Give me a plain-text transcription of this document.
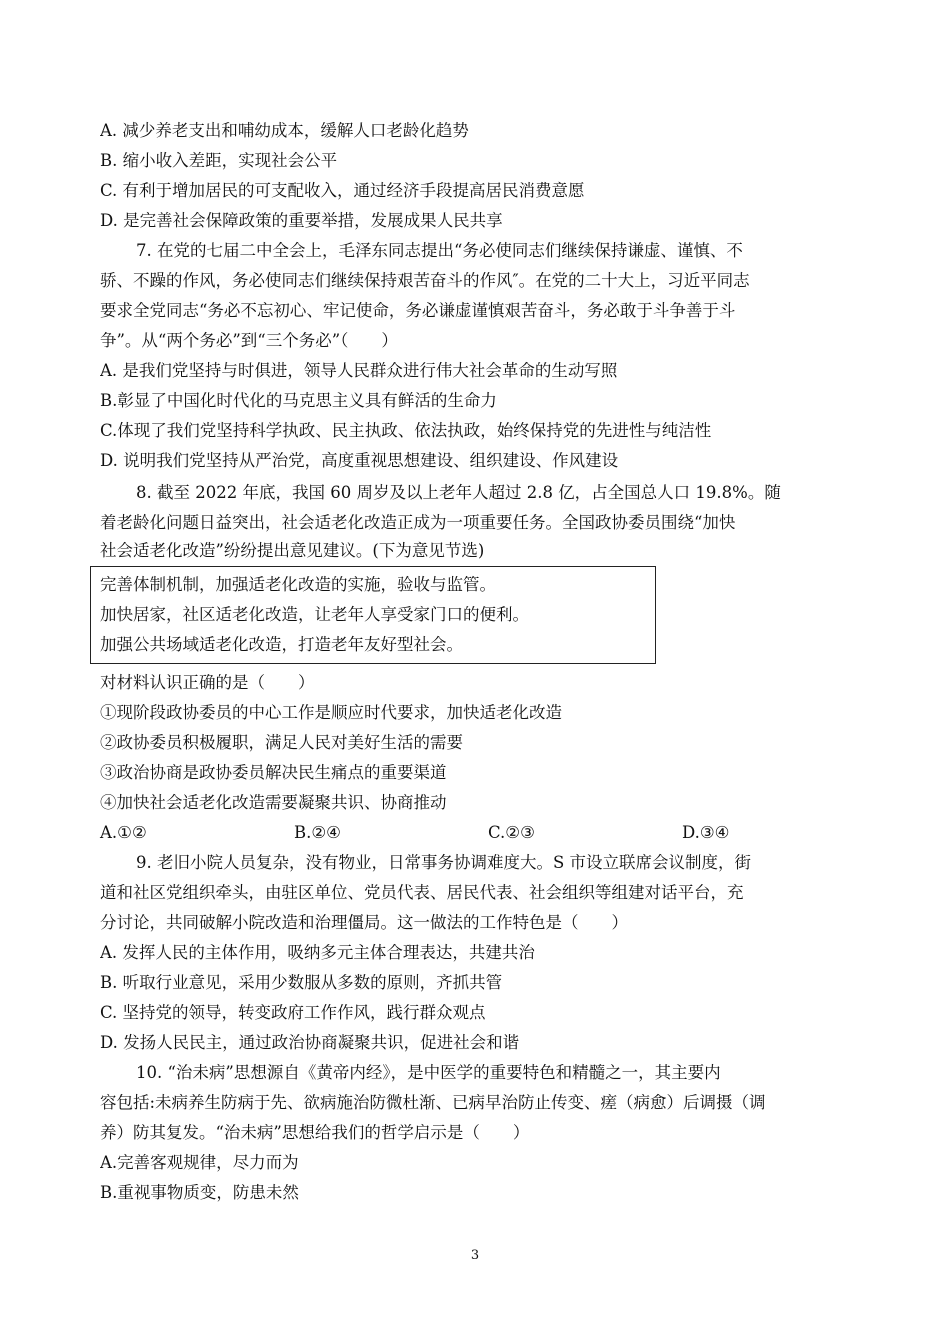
A. 减少养老支出和哺幼成本，缓解人口老龄化趋势
B. 缩小收入差距，实现社会公平
C. 有利于增加居民的可支配收入，通过经济手段提高居民消费意愿
D. 是完善社会保障政策的重要举措，发展成果人民共享
7. 在党的七届二中全会上，毛泽东同志提出“务必使同志们继续保持谦虚、谨慎、不
骄、不躁的作风，务必使同志们继续保持艰苦奋斗的作风″。在党的二十大上，习近平同志
要求全党同志“务必不忘初心、牢记使命，务必谦虚谨慎艰苦奋斗，务必敢于斗争善于斗
争”。从“两个务必”到“三个务必”（　　）
A. 是我们党坚持与时俱进，领导人民群众进行伟大社会革命的生动写照
B.彰显了中国化时代化的马克思主义具有鲜活的生命力
C.体现了我们党坚持科学执政、民主执政、依法执政，始终保持党的先进性与纯洁性
D. 说明我们党坚持从严治党，高度重视思想建设、组织建设、作风建设
8. 截至 2022 年底，我国 60 周岁及以上老年人超过 2.8 亿，占全国总人口 19.8%。随
着老龄化问题日益突出，社会适老化改造正成为一项重要任务。全国政协委员围绕“加快
社会适老化改造”纷纷提出意见建议。(下为意见节选)
完善体制机制，加强适老化改造的实施，验收与监管。
加快居家，社区适老化改造，让老年人享受家门口的便利。
加强公共场域适老化改造，打造老年友好型社会。
对材料认识正确的是（　　）
①现阶段政协委员的中心工作是顺应时代要求，加快适老化改造
②政协委员积极履职，满足人民对美好生活的需要
③政治协商是政协委员解决民生痛点的重要渠道
④加快社会适老化改造需要凝聚共识、协商推动
A.①②	B.②④	C.②③	D.③④
9. 老旧小院人员复杂，没有物业，日常事务协调难度大。S 市设立联席会议制度，街
道和社区党组织牵头，由驻区单位、党员代表、居民代表、社会组织等组建对话平台，充
分讨论，共同破解小院改造和治理僵局。这一做法的工作特色是（　　）
A. 发挥人民的主体作用，吸纳多元主体合理表达，共建共治
B. 听取行业意见，采用少数服从多数的原则，齐抓共管
C. 坚持党的领导，转变政府工作作风，践行群众观点
D. 发扬人民民主，通过政治协商凝聚共识，促进社会和谐
10. “治未病”思想源自《黄帝内经》，是中医学的重要特色和精髓之一，其主要内
容包括:未病养生防病于先、欲病施治防微杜渐、已病早治防止传变、瘥（病愈）后调摄（调
养）防其复发。“治未病”思想给我们的哲学启示是（　　）
A.完善客观规律，尽力而为
B.重视事物质变，防患未然
3
